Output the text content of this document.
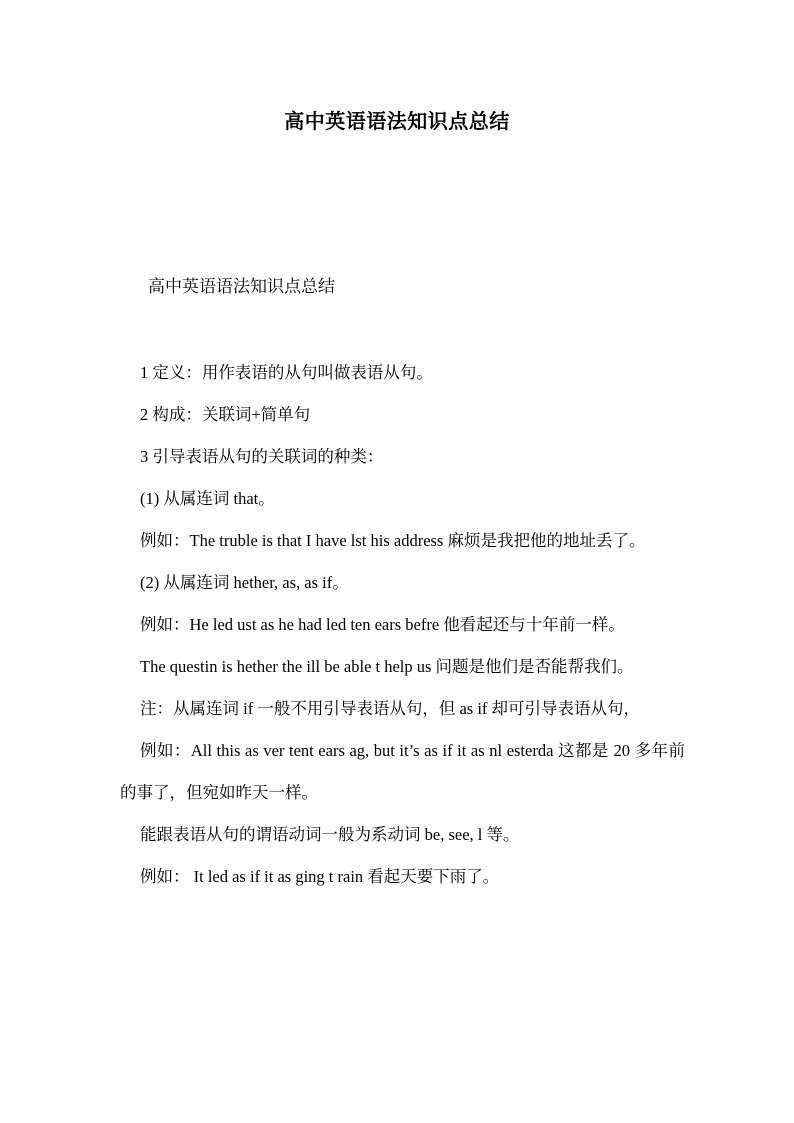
高中英语语法知识点总结
高中英语语法知识点总结

1 定义：用作表语的从句叫做表语从句。

2 构成：关联词+简单句

3 引导表语从句的关联词的种类：

(1) 从属连词 that。

例如：The truble is that I have lst his address 麻烦是我把他的地址丢了。

(2) 从属连词 hether, as, as if。

例如：He led ust as he had led ten ears befre 他看起还与十年前一样。

The questin is hether the ill be able t help us 问题是他们是否能帮我们。

注：从属连词 if 一般不用引导表语从句，但 as if 却可引导表语从句，

例如：All this as ver tent ears ag, but it’s as if it as nl esterda 这都是 20 多年前的事了，但宛如昨天一样。

能跟表语从句的谓语动词一般为系动词 be, see, l 等。

例如： It led as if it as ging t rain 看起天要下雨了。
